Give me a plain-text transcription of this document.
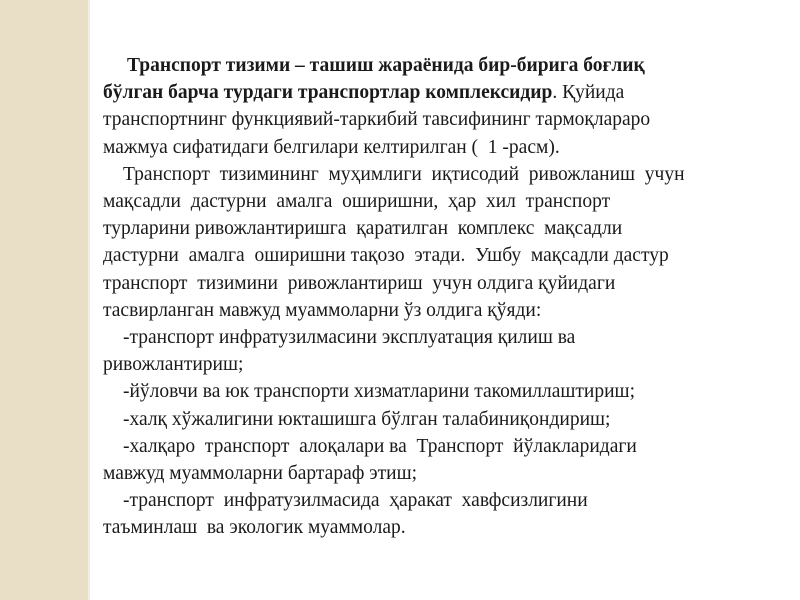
Транспорт тизими – ташиш жараёнида бир-бирига боғлиқ
бўлган барча турдаги транспортлар комплексидир. Қуйида
транспортнинг функциявий-таркибий тавсифининг тармоқлараро
мажмуа сифатидаги белгилари келтирилган (  1 -расм).
Транспорт  тизимининг  муҳимлиги  иқтисодий  ривожланиш  учун
мақсадли  дастурни  амалга  оширишни,  ҳар  хил  транспорт
турларини ривожлантиришга  қаратилган  комплекс  мақсадли
дастурни  амалга  оширишни тақозо  этади.  Ушбу  мақсадли дастур
транспорт  тизимини  ривожлантириш  учун олдига қуйидаги
тасвирланган мавжуд муаммоларни ўз олдига қўяди:
-транспорт инфратузилмасини эксплуатация қилиш ва
ривожлантириш;
-йўловчи ва юк транспорти хизматларини такомиллаштириш;
-халқ хўжалигини юкташишга бўлган талабиниқондириш;
-халқаро  транспорт  алоқалари ва  Транспорт  йўлакларидаги
мавжуд муаммоларни бартараф этиш;
-транспорт  инфратузилмасида  ҳаракат  хавфсизлигини
таъминлаш  ва экологик муаммолар.
